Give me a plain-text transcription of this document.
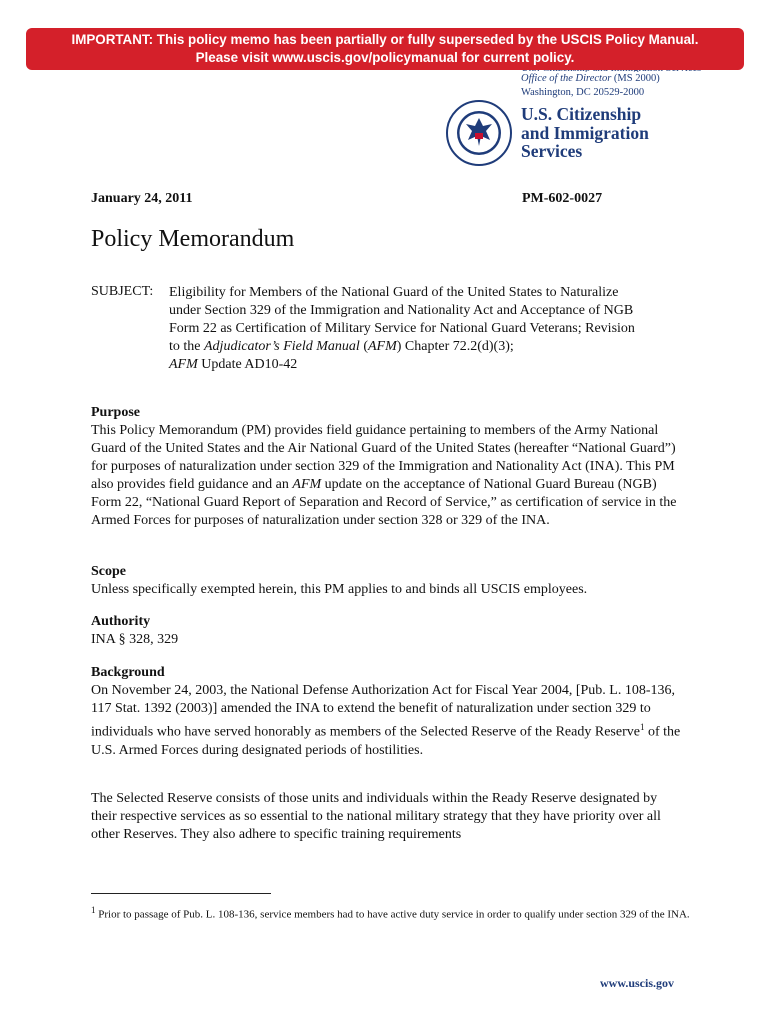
IMPORTANT: This policy memo has been partially or fully superseded by the USCIS Policy Manual.
Please visit www.uscis.gov/policymanual for current policy.
Office of the Director (MS 2000)
Washington, DC 20529-2000
U.S. Citizenship
and Immigration
Services
January 24, 2011	PM-602-0027
Policy Memorandum
SUBJECT: Eligibility for Members of the National Guard of the United States to Naturalize
under Section 329 of the Immigration and Nationality Act and Acceptance of NGB
Form 22 as Certification of Military Service for National Guard Veterans; Revision
to the Adjudicator’s Field Manual (AFM) Chapter 72.2(d)(3);
AFM Update AD10-42
Purpose
This Policy Memorandum (PM) provides field guidance pertaining to members of the Army National Guard of the United States and the Air National Guard of the United States (hereafter “National Guard”) for purposes of naturalization under section 329 of the Immigration and Nationality Act (INA). This PM also provides field guidance and an AFM update on the acceptance of National Guard Bureau (NGB) Form 22, “National Guard Report of Separation and Record of Service,” as certification of service in the Armed Forces for purposes of naturalization under section 328 or 329 of the INA.
Scope
Unless specifically exempted herein, this PM applies to and binds all USCIS employees.
Authority
INA § 328, 329
Background
On November 24, 2003, the National Defense Authorization Act for Fiscal Year 2004, [Pub. L. 108-136, 117 Stat. 1392 (2003)] amended the INA to extend the benefit of naturalization under section 329 to individuals who have served honorably as members of the Selected Reserve of the Ready Reserve$^1$ of the U.S. Armed Forces during designated periods of hostilities.
The Selected Reserve consists of those units and individuals within the Ready Reserve designated by their respective services as so essential to the national military strategy that they have priority over all other Reserves. They also adhere to specific training requirements
$^1$ Prior to passage of Pub. L. 108-136, service members had to have active duty service in order to qualify under section 329 of the INA.
www.uscis.gov
